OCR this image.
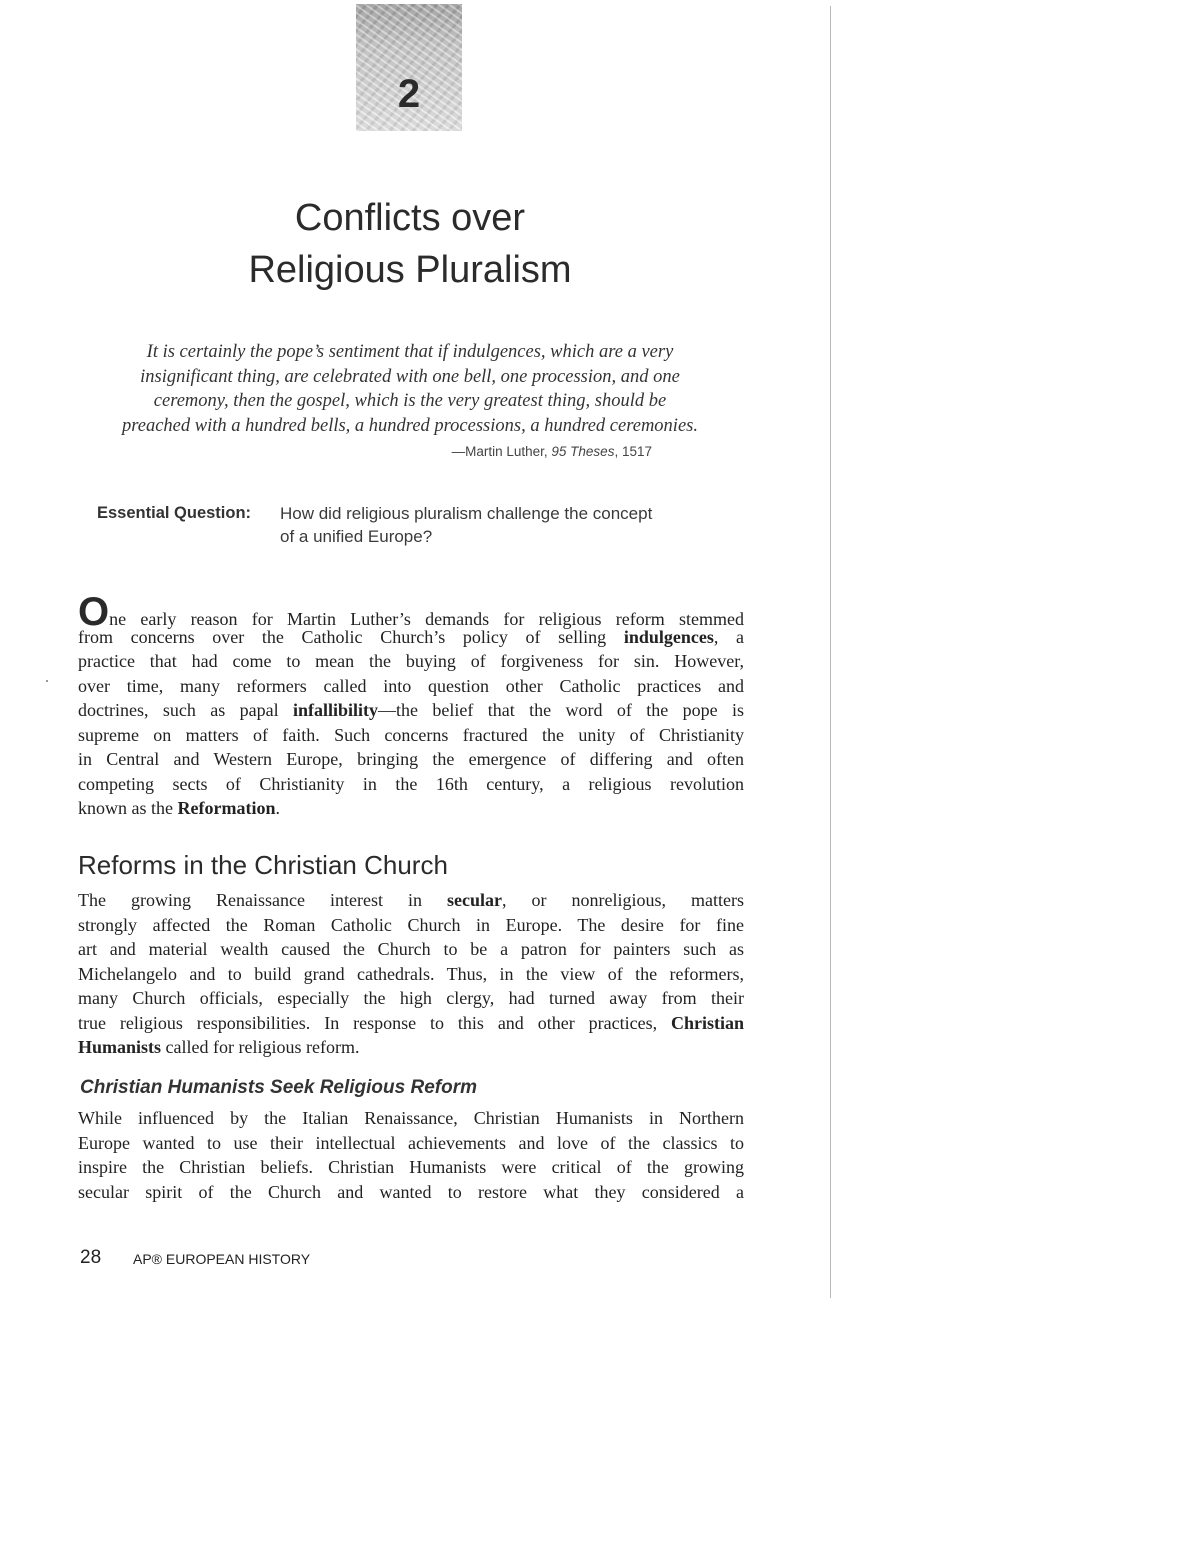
2
Conflicts over
Religious Pluralism
It is certainly the pope’s sentiment that if indulgences, which are a very
insignificant thing, are celebrated with one bell, one procession, and one
ceremony, then the gospel, which is the very greatest thing, should be
preached with a hundred bells, a hundred processions, a hundred ceremonies.
—Martin Luther, 95 Theses, 1517
Essential Question: How did religious pluralism challenge the concept
of a unified Europe?
One early reason for Martin Luther’s demands for religious reform stemmed
from concerns over the Catholic Church’s policy of selling indulgences, a
practice that had come to mean the buying of forgiveness for sin. However,
over time, many reformers called into question other Catholic practices and
doctrines, such as papal infallibility—the belief that the word of the pope is
supreme on matters of faith. Such concerns fractured the unity of Christianity
in Central and Western Europe, bringing the emergence of differing and often
competing sects of Christianity in the 16th century, a religious revolution
known as the Reformation.
Reforms in the Christian Church
The growing Renaissance interest in secular, or nonreligious, matters
strongly affected the Roman Catholic Church in Europe. The desire for fine
art and material wealth caused the Church to be a patron for painters such as
Michelangelo and to build grand cathedrals. Thus, in the view of the reformers,
many Church officials, especially the high clergy, had turned away from their
true religious responsibilities. In response to this and other practices, Christian
Humanists called for religious reform.
Christian Humanists Seek Religious Reform
While influenced by the Italian Renaissance, Christian Humanists in Northern
Europe wanted to use their intellectual achievements and love of the classics to
inspire the Christian beliefs. Christian Humanists were critical of the growing
secular spirit of the Church and wanted to restore what they considered a
28 AP® EUROPEAN HISTORY
